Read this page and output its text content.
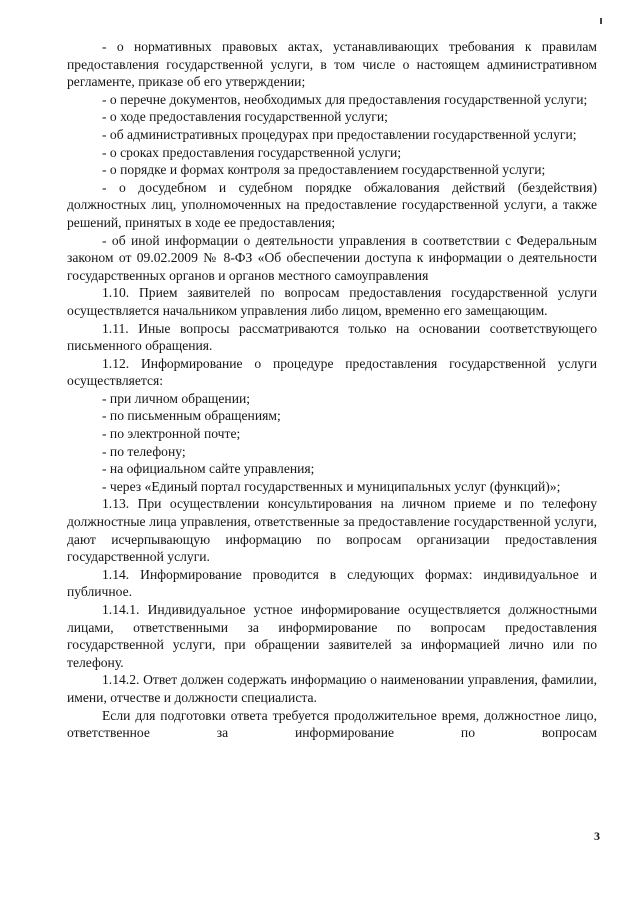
- о нормативных правовых актах, устанавливающих требования к правилам предоставления государственной услуги, в том числе о настоящем административном регламенте, приказе об его утверждении;

- о перечне документов, необходимых для предоставления государственной услуги;

- о ходе предоставления государственной услуги;

- об административных процедурах при предоставлении государственной услуги;

- о сроках предоставления государственной услуги;

- о порядке и формах контроля за предоставлением государственной услуги;

- о досудебном и судебном порядке обжалования действий (бездействия) должностных лиц, уполномоченных на предоставление государственной услуги, а также решений, принятых в ходе ее предоставления;

- об иной информации о деятельности управления в соответствии с Федеральным законом от 09.02.2009 № 8-ФЗ «Об обеспечении доступа к информации о деятельности государственных органов и органов местного самоуправления

1.10. Прием заявителей по вопросам предоставления государственной услуги осуществляется начальником управления либо лицом, временно его замещающим.

1.11. Иные вопросы рассматриваются только на основании соответствующего письменного обращения.

1.12. Информирование о процедуре предоставления государственной услуги осуществляется:

- при личном обращении;

- по письменным обращениям;

- по электронной почте;

- по телефону;

- на официальном сайте управления;

- через «Единый портал государственных и муниципальных услуг (функций)»;

1.13. При осуществлении консультирования на личном приеме и по телефону должностные лица управления, ответственные за предоставление государственной услуги, дают исчерпывающую информацию по вопросам организации предоставления государственной услуги.

1.14. Информирование проводится в следующих формах: индивидуальное и публичное.

1.14.1. Индивидуальное устное информирование осуществляется должностными лицами, ответственными за информирование по вопросам предоставления государственной услуги, при обращении заявителей за информацией лично или по телефону.

1.14.2. Ответ должен содержать информацию о наименовании управления, фамилии, имени, отчестве и должности специалиста.

Если для подготовки ответа требуется продолжительное время, должностное лицо, ответственное за информирование по вопросам

3
